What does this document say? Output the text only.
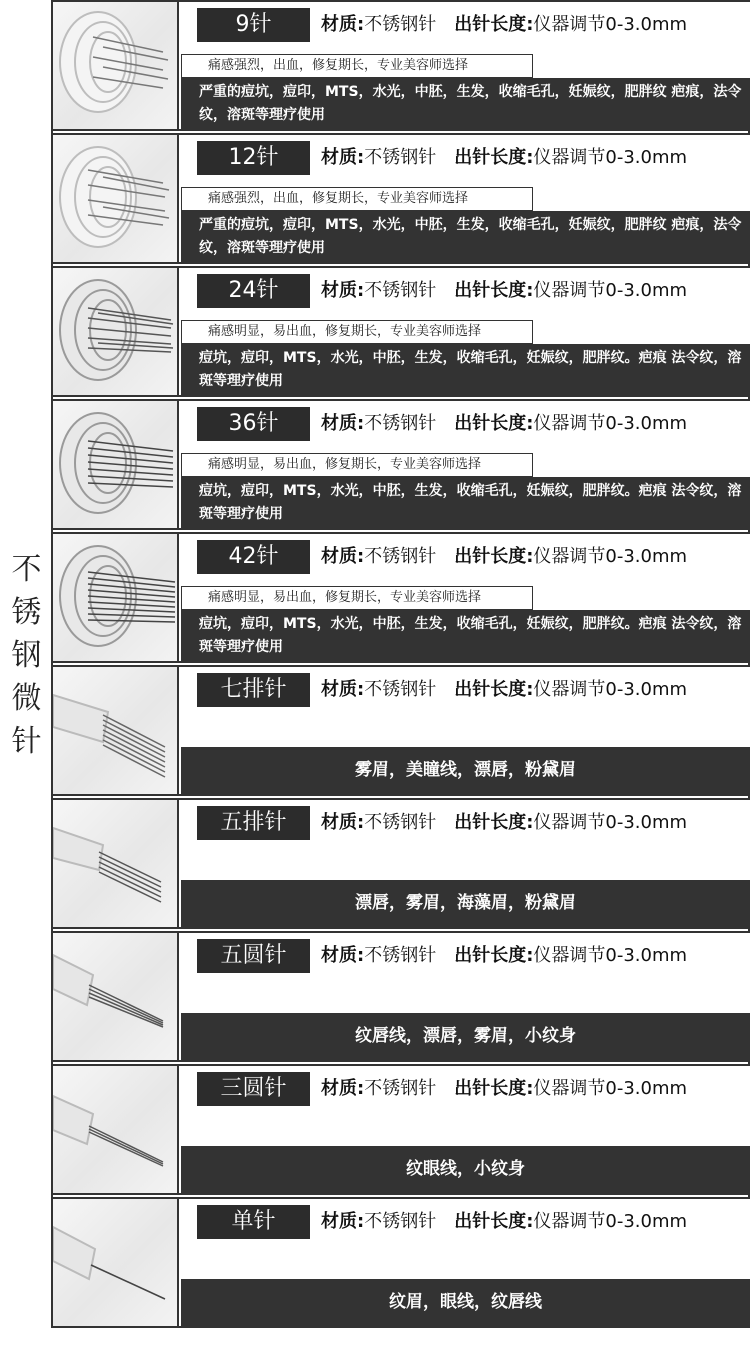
不
锈
钢
微
针
9针	材质:不锈钢针 出针长度:仪器调节0-3.0mm
痛感强烈，出血，修复期长，专业美容师选择
严重的痘坑，痘印，MTS，水光，中胚，生发，收缩毛孔，妊娠纹，肥胖纹 疤痕，法令纹，溶斑等理疗使用
12针	材质:不锈钢针 出针长度:仪器调节0-3.0mm
痛感强烈，出血，修复期长，专业美容师选择
严重的痘坑，痘印，MTS，水光，中胚，生发，收缩毛孔，妊娠纹，肥胖纹 疤痕，法令纹，溶斑等理疗使用
24针	材质:不锈钢针 出针长度:仪器调节0-3.0mm
痛感明显，易出血，修复期长，专业美容师选择
痘坑，痘印，MTS，水光，中胚，生发，收缩毛孔，妊娠纹，肥胖纹。疤痕 法令纹，溶斑等理疗使用
36针	材质:不锈钢针 出针长度:仪器调节0-3.0mm
痛感明显，易出血，修复期长，专业美容师选择
痘坑，痘印，MTS，水光，中胚，生发，收缩毛孔，妊娠纹，肥胖纹。疤痕 法令纹，溶斑等理疗使用
42针	材质:不锈钢针 出针长度:仪器调节0-3.0mm
痛感明显，易出血，修复期长，专业美容师选择
痘坑，痘印，MTS，水光，中胚，生发，收缩毛孔，妊娠纹，肥胖纹。疤痕 法令纹，溶斑等理疗使用
七排针	材质:不锈钢针 出针长度:仪器调节0-3.0mm
雾眉，美瞳线，漂唇，粉黛眉
五排针	材质:不锈钢针 出针长度:仪器调节0-3.0mm
漂唇，雾眉，海藻眉，粉黛眉
五圆针	材质:不锈钢针 出针长度:仪器调节0-3.0mm
纹唇线，漂唇，雾眉，小纹身
三圆针	材质:不锈钢针 出针长度:仪器调节0-3.0mm
纹眼线，小纹身
单针	材质:不锈钢针 出针长度:仪器调节0-3.0mm
纹眉，眼线，纹唇线
